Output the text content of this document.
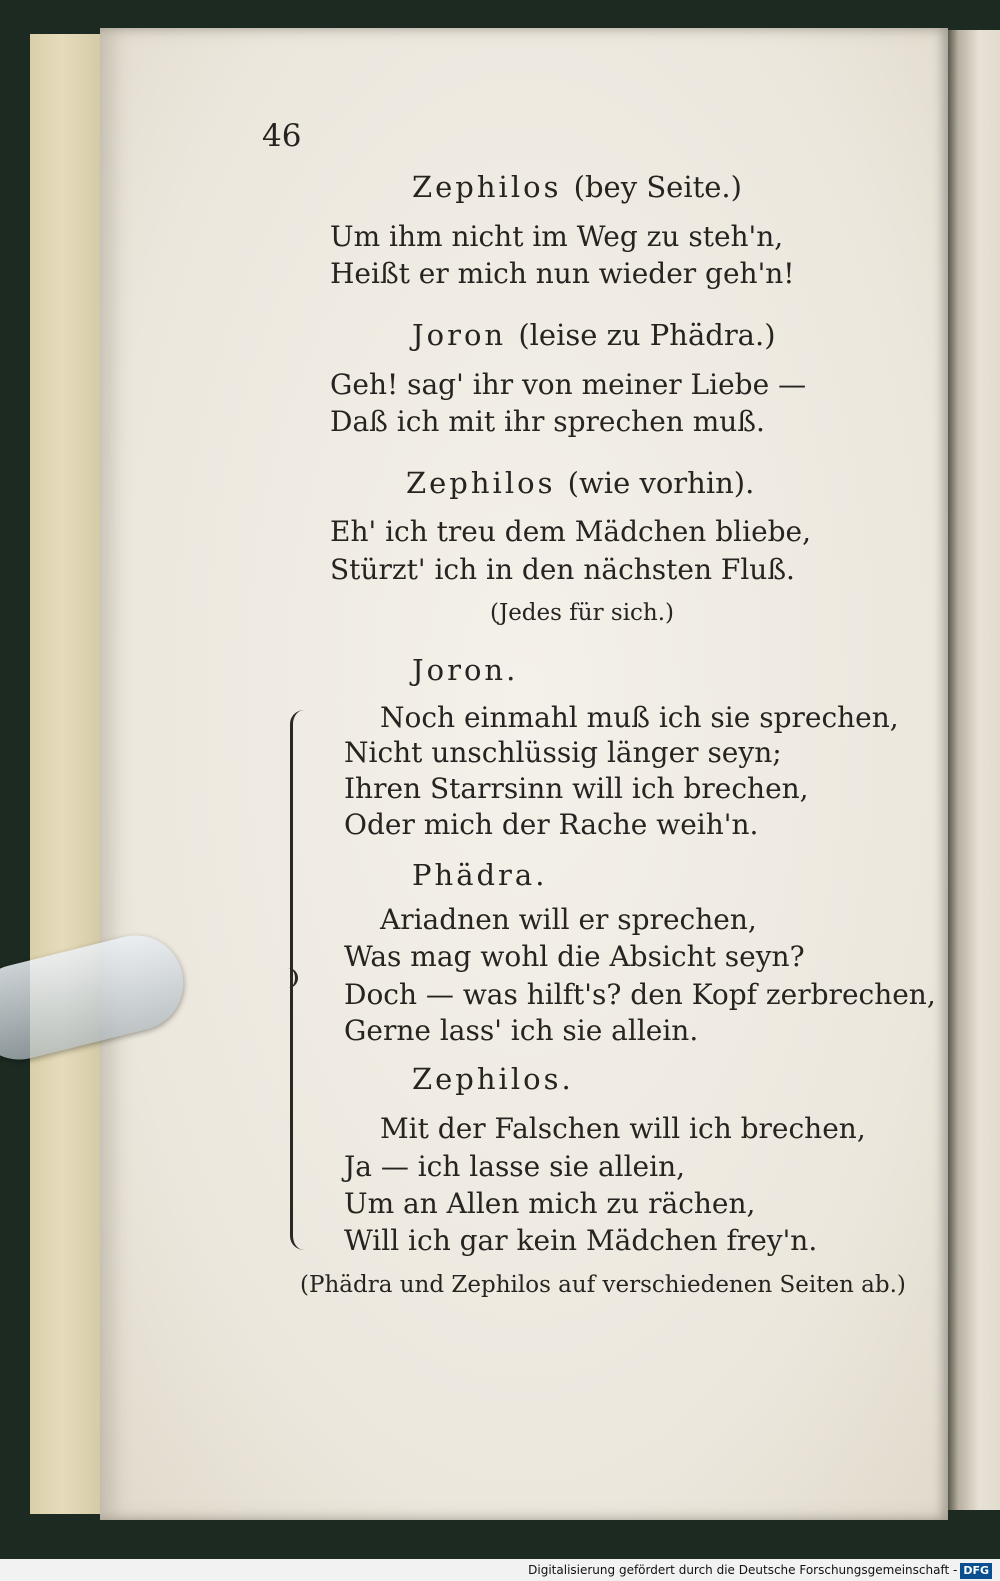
46
Zephilos (bey Seite.)
Um ihm nicht im Weg zu steh'n,
Heißt er mich nun wieder geh'n!
Joron (leise zu Phädra.)
Geh! sag' ihr von meiner Liebe —
Daß ich mit ihr sprechen muß.
Zephilos (wie vorhin).
Eh' ich treu dem Mädchen bliebe,
Stürzt' ich in den nächsten Fluß.
(Jedes für sich.)
Joron.
Noch einmahl muß ich sie sprechen,
Nicht unschlüssig länger seyn;
Ihren Starrsinn will ich brechen,
Oder mich der Rache weih'n.
Phädra.
Ariadnen will er sprechen,
Was mag wohl die Absicht seyn?
Doch — was hilft's? den Kopf zerbrechen,
Gerne lass' ich sie allein.
Zephilos.
Mit der Falschen will ich brechen,
Ja — ich lasse sie allein,
Um an Allen mich zu rächen,
Will ich gar kein Mädchen frey'n.
(Phädra und Zephilos auf verschiedenen Seiten ab.)
Digitalisierung gefördert durch die Deutsche Forschungsgemeinschaft - DFG
